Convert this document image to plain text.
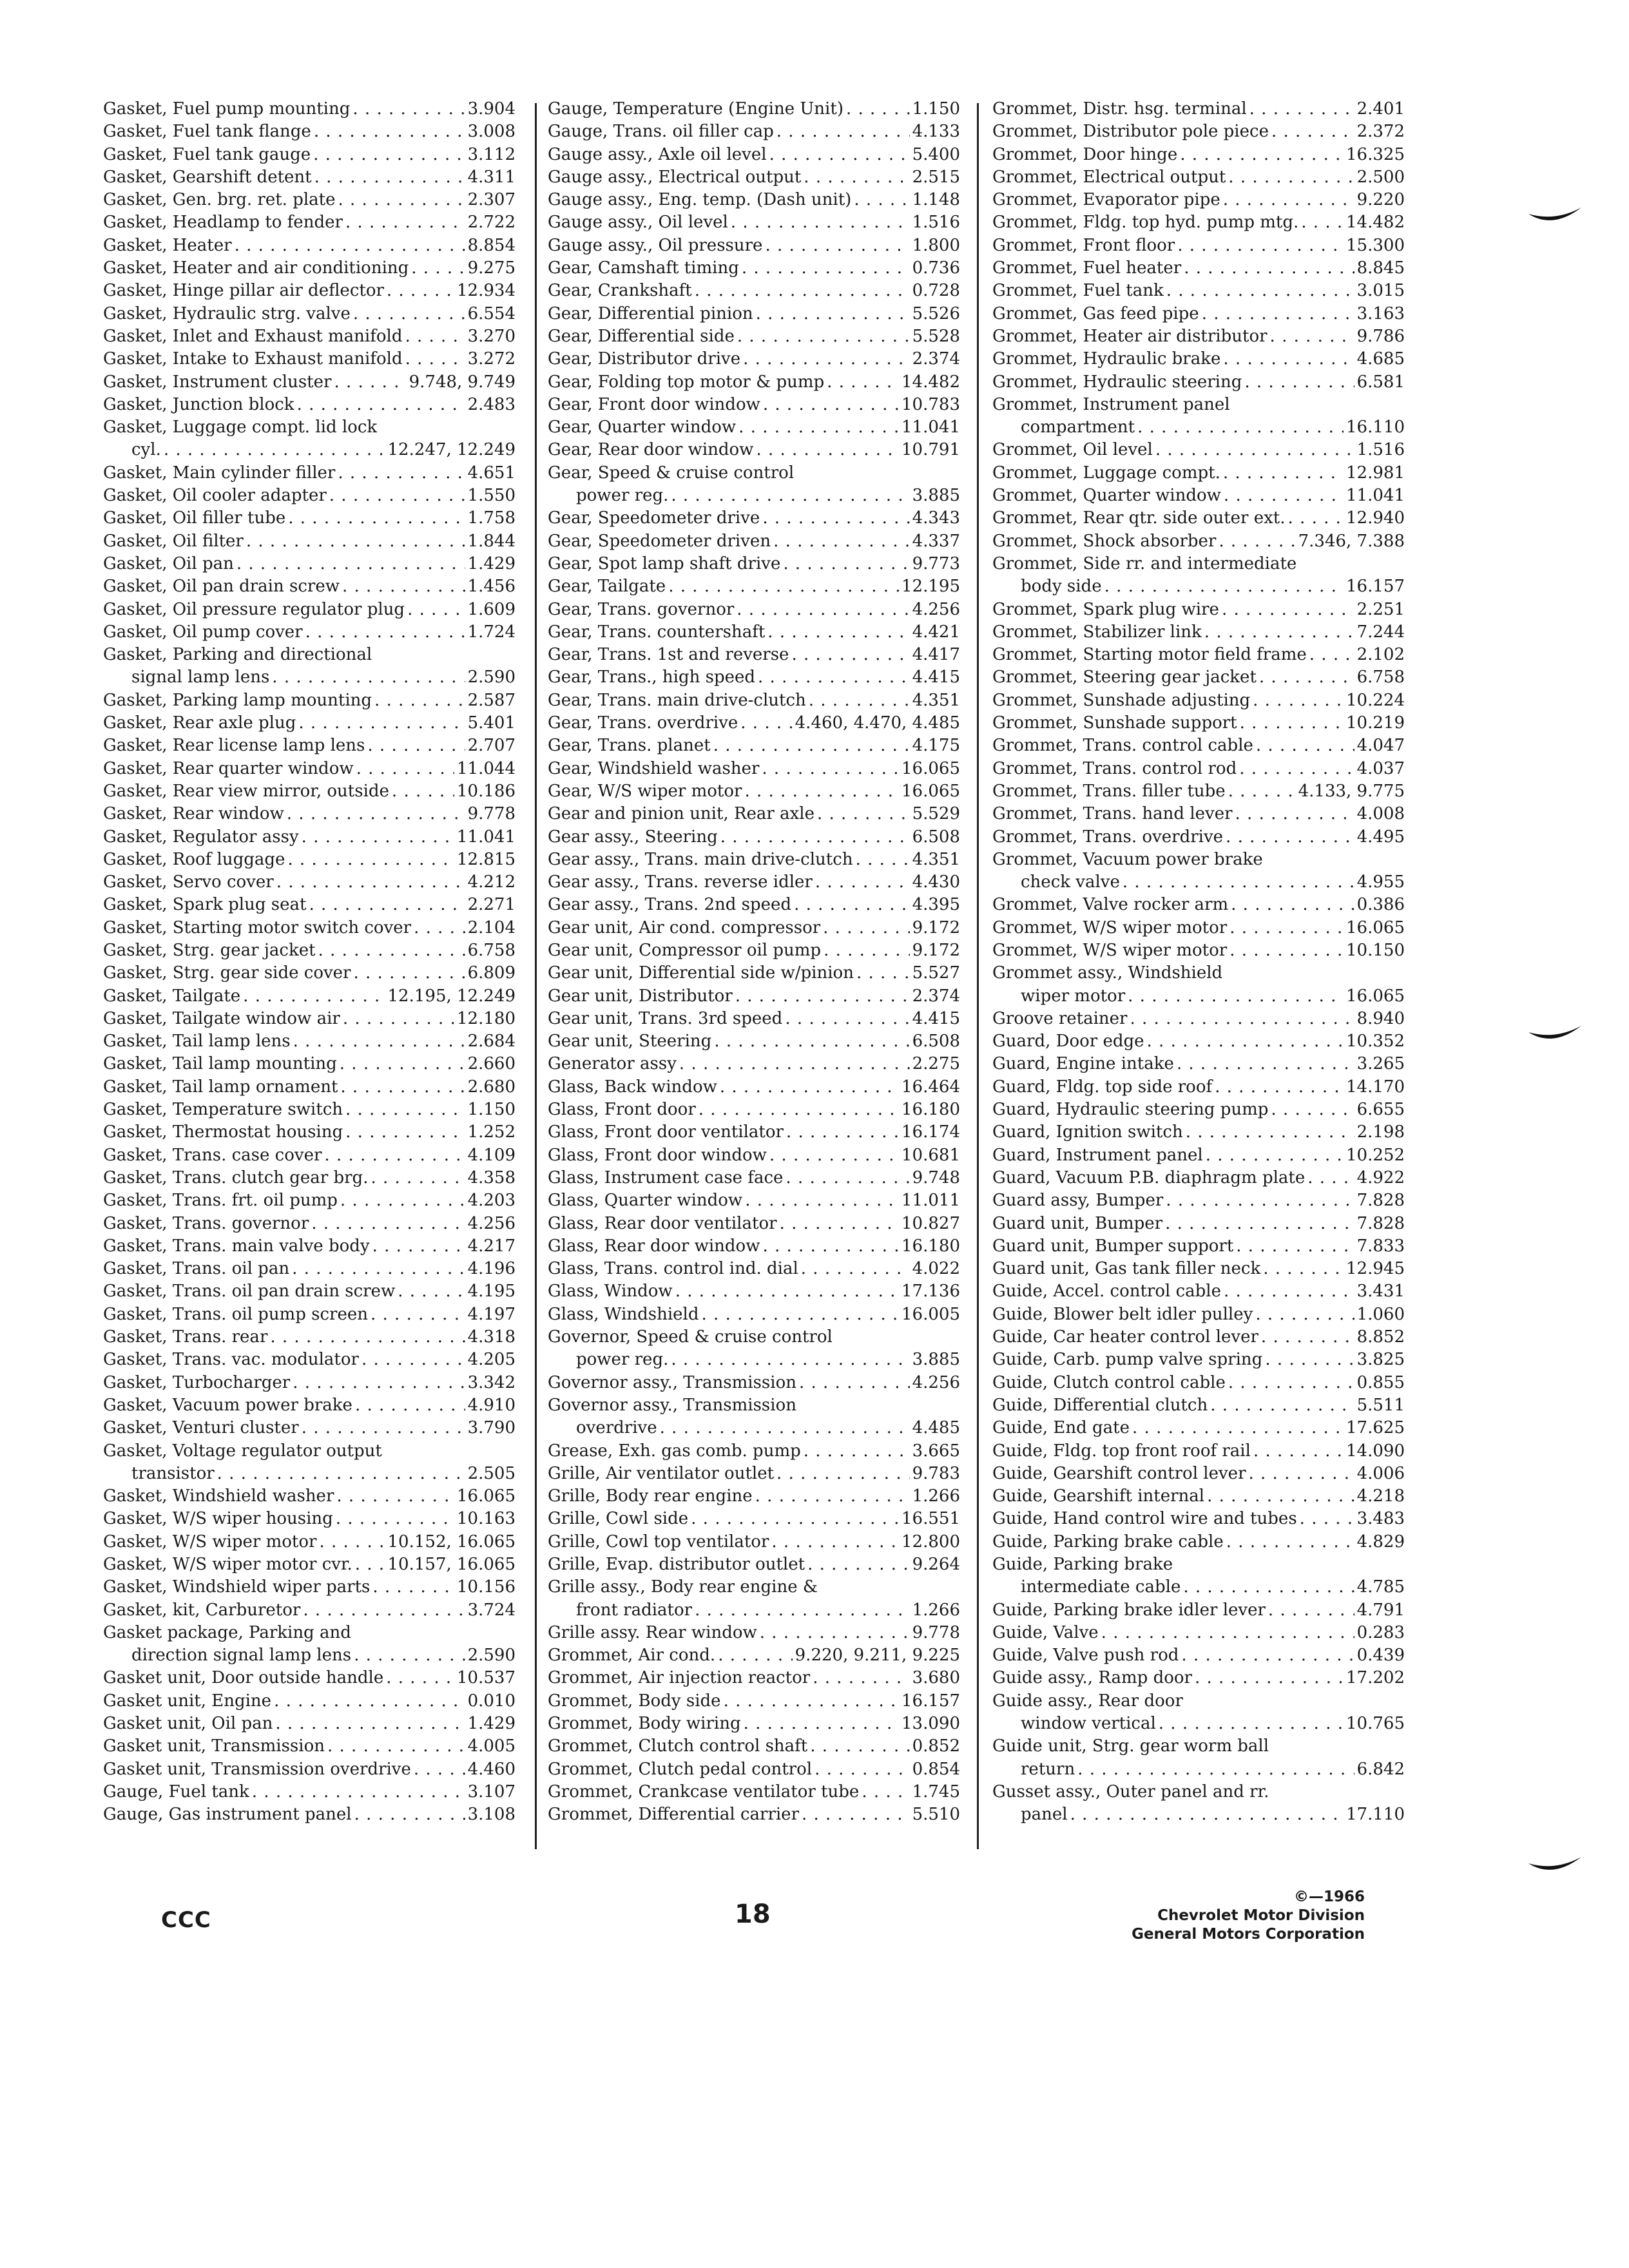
Gasket, Fuel pump mounting . . .	3.904
Gasket, Fuel tank flange . . .	3.008
Gasket, Fuel tank gauge . . .	3.112
Gasket, Gearshift detent . . .	4.311
Gasket, Gen. brg. ret. plate . . .	2.307
Gasket, Headlamp to fender . . .	2.722
Gasket, Heater . . .	8.854
Gasket, Heater and air conditioning . . .	9.275
Gasket, Hinge pillar air deflector . . .	12.934
Gasket, Hydraulic strg. valve . . .	6.554
Gasket, Inlet and Exhaust manifold . . .	3.270
Gasket, Intake to Exhaust manifold . . .	3.272
Gasket, Instrument cluster . . .	9.748, 9.749
Gasket, Junction block . . .	2.483
Gasket, Luggage compt. lid lock
cyl. . . .	12.247, 12.249
Gasket, Main cylinder filler . . .	4.651
Gasket, Oil cooler adapter . . .	1.550
Gasket, Oil filler tube . . .	1.758
Gasket, Oil filter . . .	1.844
Gasket, Oil pan . . .	1.429
Gasket, Oil pan drain screw . . .	1.456
Gasket, Oil pressure regulator plug . . .	1.609
Gasket, Oil pump cover . . .	1.724
Gasket, Parking and directional
signal lamp lens . . .	2.590
Gasket, Parking lamp mounting . . .	2.587
Gasket, Rear axle plug . . .	5.401
Gasket, Rear license lamp lens . . .	2.707
Gasket, Rear quarter window . . .	11.044
Gasket, Rear view mirror, outside . . .	10.186
Gasket, Rear window . . .	9.778
Gasket, Regulator assy . . .	11.041
Gasket, Roof luggage . . .	12.815
Gasket, Servo cover . . .	4.212
Gasket, Spark plug seat . . .	2.271
Gasket, Starting motor switch cover . . .	2.104
Gasket, Strg. gear jacket . . .	6.758
Gasket, Strg. gear side cover . . .	6.809
Gasket, Tailgate . . .	12.195, 12.249
Gasket, Tailgate window air . . .	12.180
Gasket, Tail lamp lens . . .	2.684
Gasket, Tail lamp mounting . . .	2.660
Gasket, Tail lamp ornament . . .	2.680
Gasket, Temperature switch . . .	1.150
Gasket, Thermostat housing . . .	1.252
Gasket, Trans. case cover . . .	4.109
Gasket, Trans. clutch gear brg. . . .	4.358
Gasket, Trans. frt. oil pump . . .	4.203
Gasket, Trans. governor . . .	4.256
Gasket, Trans. main valve body . . .	4.217
Gasket, Trans. oil pan . . .	4.196
Gasket, Trans. oil pan drain screw . . .	4.195
Gasket, Trans. oil pump screen . . .	4.197
Gasket, Trans. rear . . .	4.318
Gasket, Trans. vac. modulator . . .	4.205
Gasket, Turbocharger . . .	3.342
Gasket, Vacuum power brake . . .	4.910
Gasket, Venturi cluster . . .	3.790
Gasket, Voltage regulator output
transistor . . .	2.505
Gasket, Windshield washer . . .	16.065
Gasket, W/S wiper housing . . .	10.163
Gasket, W/S wiper motor . . .	10.152, 16.065
Gasket, W/S wiper motor cvr. . . . 10.157, 16.065
Gasket, Windshield wiper parts . . .	10.156
Gasket, kit, Carburetor . . .	3.724
Gasket package, Parking and
direction signal lamp lens . . .	2.590
Gasket unit, Door outside handle . . .	10.537
Gasket unit, Engine . . .	0.010
Gasket unit, Oil pan . . .	1.429
Gasket unit, Transmission . . .	4.005
Gasket unit, Transmission overdrive . . .	4.460
Gauge, Fuel tank . . .	3.107
Gauge, Gas instrument panel . . .	3.108
Gauge, Temperature (Engine Unit) . . .	1.150
Gauge, Trans. oil filler cap . . .	4.133
Gauge assy., Axle oil level . . .	5.400
Gauge assy., Electrical output . . .	2.515
Gauge assy., Eng. temp. (Dash unit) . . .	1.148
Gauge assy., Oil level . . .	1.516
Gauge assy., Oil pressure . . .	1.800
Gear, Camshaft timing . . .	0.736
Gear, Crankshaft . . .	0.728
Gear, Differential pinion . . .	5.526
Gear, Differential side . . .	5.528
Gear, Distributor drive . . .	2.374
Gear, Folding top motor & pump . . .	14.482
Gear, Front door window . . .	10.783
Gear, Quarter window . . .	11.041
Gear, Rear door window . . .	10.791
Gear, Speed & cruise control
power reg. . . .	3.885
Gear, Speedometer drive . . .	4.343
Gear, Speedometer driven . . .	4.337
Gear, Spot lamp shaft drive . . .	9.773
Gear, Tailgate . . .	12.195
Gear, Trans. governor . . .	4.256
Gear, Trans. countershaft . . .	4.421
Gear, Trans. 1st and reverse . . .	4.417
Gear, Trans., high speed . . .	4.415
Gear, Trans. main drive-clutch . . .	4.351
Gear, Trans. overdrive . . .	4.460, 4.470, 4.485
Gear, Trans. planet . . .	4.175
Gear, Windshield washer . . .	16.065
Gear, W/S wiper motor . . .	16.065
Gear and pinion unit, Rear axle . . .	5.529
Gear assy., Steering . . .	6.508
Gear assy., Trans. main drive-clutch . . .	4.351
Gear assy., Trans. reverse idler . . .	4.430
Gear assy., Trans. 2nd speed . . .	4.395
Gear unit, Air cond. compressor . . .	9.172
Gear unit, Compressor oil pump . . .	9.172
Gear unit, Differential side w/pinion . . .	5.527
Gear unit, Distributor . . .	2.374
Gear unit, Trans. 3rd speed . . .	4.415
Gear unit, Steering . . .	6.508
Generator assy . . .	2.275
Glass, Back window . . .	16.464
Glass, Front door . . .	16.180
Glass, Front door ventilator . . .	16.174
Glass, Front door window . . .	10.681
Glass, Instrument case face . . .	9.748
Glass, Quarter window . . .	11.011
Glass, Rear door ventilator . . .	10.827
Glass, Rear door window . . .	16.180
Glass, Trans. control ind. dial . . .	4.022
Glass, Window . . .	17.136
Glass, Windshield . . .	16.005
Governor, Speed & cruise control
power reg. . . .	3.885
Governor assy., Transmission . . .	4.256
Governor assy., Transmission
overdrive . . .	4.485
Grease, Exh. gas comb. pump . . .	3.665
Grille, Air ventilator outlet . . .	9.783
Grille, Body rear engine . . .	1.266
Grille, Cowl side . . .	16.551
Grille, Cowl top ventilator . . .	12.800
Grille, Evap. distributor outlet . . .	9.264
Grille assy., Body rear engine &
front radiator . . .	1.266
Grille assy. Rear window . . .	9.778
Grommet, Air cond. . . .	9.220, 9.211, 9.225
Grommet, Air injection reactor . . .	3.680
Grommet, Body side . . .	16.157
Grommet, Body wiring . . .	13.090
Grommet, Clutch control shaft . . .	0.852
Grommet, Clutch pedal control . . .	0.854
Grommet, Crankcase ventilator tube . . .	1.745
Grommet, Differential carrier . . .	5.510
Grommet, Distr. hsg. terminal . . .	2.401
Grommet, Distributor pole piece . . .	2.372
Grommet, Door hinge . . .	16.325
Grommet, Electrical output . . .	2.500
Grommet, Evaporator pipe . . .	9.220
Grommet, Fldg. top hyd. pump mtg. . . .	14.482
Grommet, Front floor . . .	15.300
Grommet, Fuel heater . . .	8.845
Grommet, Fuel tank . . .	3.015
Grommet, Gas feed pipe . . .	3.163
Grommet, Heater air distributor . . .	9.786
Grommet, Hydraulic brake . . .	4.685
Grommet, Hydraulic steering . . .	6.581
Grommet, Instrument panel
compartment . . .	16.110
Grommet, Oil level . . .	1.516
Grommet, Luggage compt. . . .	12.981
Grommet, Quarter window . . .	11.041
Grommet, Rear qtr. side outer ext. . . .	12.940
Grommet, Shock absorber . . .	7.346, 7.388
Grommet, Side rr. and intermediate
body side . . .	16.157
Grommet, Spark plug wire . . .	2.251
Grommet, Stabilizer link . . .	7.244
Grommet, Starting motor field frame . . .	2.102
Grommet, Steering gear jacket . . .	6.758
Grommet, Sunshade adjusting . . .	10.224
Grommet, Sunshade support . . .	10.219
Grommet, Trans. control cable . . .	4.047
Grommet, Trans. control rod . . .	4.037
Grommet, Trans. filler tube . . .	4.133, 9.775
Grommet, Trans. hand lever . . .	4.008
Grommet, Trans. overdrive . . .	4.495
Grommet, Vacuum power brake
check valve . . .	4.955
Grommet, Valve rocker arm . . .	0.386
Grommet, W/S wiper motor . . .	16.065
Grommet, W/S wiper motor . . .	10.150
Grommet assy., Windshield
wiper motor . . .	16.065
Groove retainer . . .	8.940
Guard, Door edge . . .	10.352
Guard, Engine intake . . .	3.265
Guard, Fldg. top side roof . . .	14.170
Guard, Hydraulic steering pump . . .	6.655
Guard, Ignition switch . . .	2.198
Guard, Instrument panel . . .	10.252
Guard, Vacuum P.B. diaphragm plate . . .	4.922
Guard assy, Bumper . . .	7.828
Guard unit, Bumper . . .	7.828
Guard unit, Bumper support . . .	7.833
Guard unit, Gas tank filler neck . . .	12.945
Guide, Accel. control cable . . .	3.431
Guide, Blower belt idler pulley . . .	1.060
Guide, Car heater control lever . . .	8.852
Guide, Carb. pump valve spring . . .	3.825
Guide, Clutch control cable . . .	0.855
Guide, Differential clutch . . .	5.511
Guide, End gate . . .	17.625
Guide, Fldg. top front roof rail . . .	14.090
Guide, Gearshift control lever . . .	4.006
Guide, Gearshift internal . . .	4.218
Guide, Hand control wire and tubes . . .	3.483
Guide, Parking brake cable . . .	4.829
Guide, Parking brake
intermediate cable . . .	4.785
Guide, Parking brake idler lever . . .	4.791
Guide, Valve . . .	0.283
Guide, Valve push rod . . .	0.439
Guide assy., Ramp door . . .	17.202
Guide assy., Rear door
window vertical . . .	10.765
Guide unit, Strg. gear worm ball
return . . .	6.842
Gusset assy., Outer panel and rr.
panel . . .	17.110
CCC	18
©—1966
Chevrolet Motor Division
General Motors Corporation
